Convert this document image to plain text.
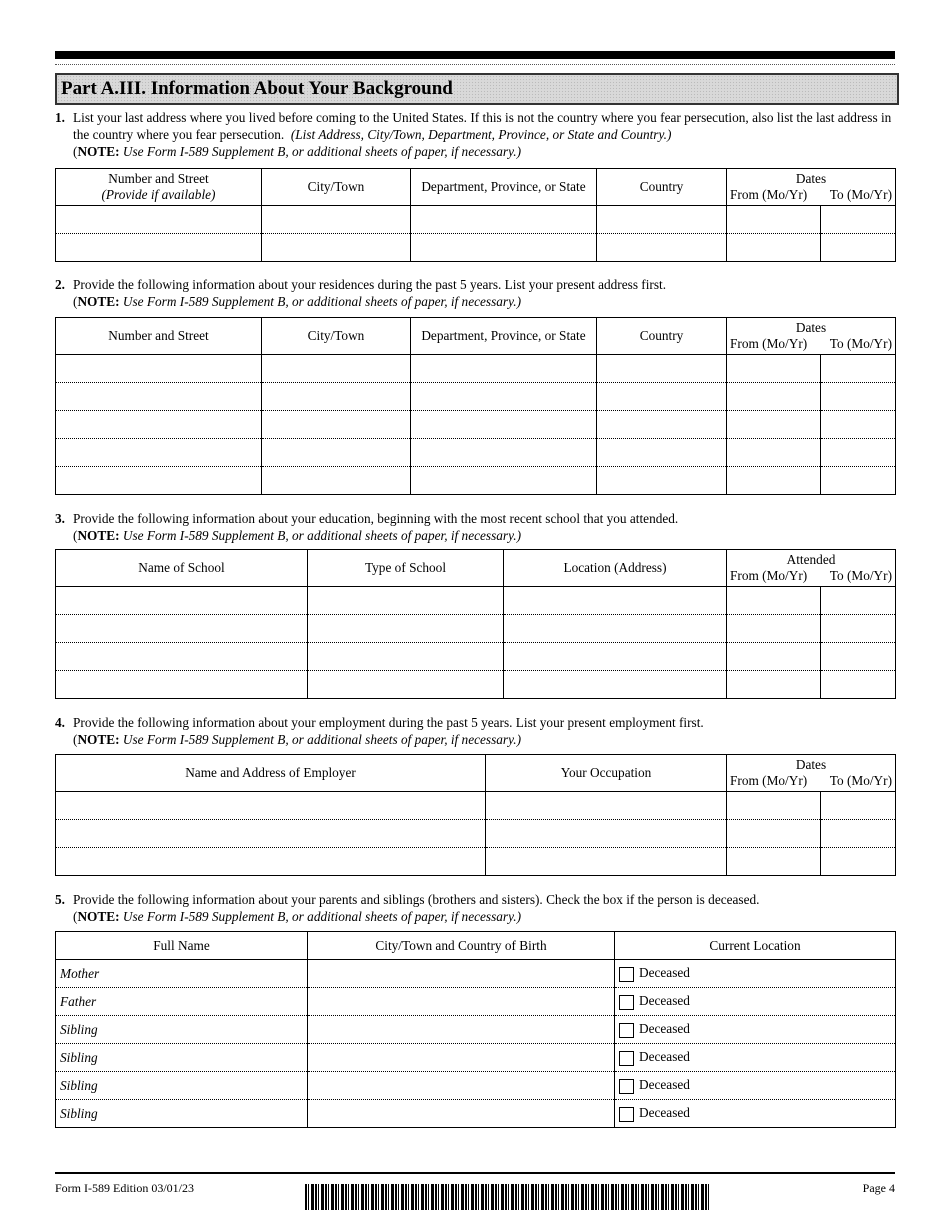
Part A.III. Information About Your Background
1. List your last address where you lived before coming to the United States. If this is not the country where you fear persecution, also list the last address in the country where you fear persecution. (List Address, City/Town, Department, Province, or State and Country.)
(NOTE: Use Form I-589 Supplement B, or additional sheets of paper, if necessary.)
Number and Street
(Provide if available)	City/Town	Department, Province, or State	Country	Dates
From (Mo/Yr) To (Mo/Yr)	

2. Provide the following information about your residences during the past 5 years. List your present address first.
(NOTE: Use Form I-589 Supplement B, or additional sheets of paper, if necessary.)
Number and Street	City/Town	Department, Province, or State	Country	Dates
From (Mo/Yr) To (Mo/Yr)	

3. Provide the following information about your education, beginning with the most recent school that you attended.
(NOTE: Use Form I-589 Supplement B, or additional sheets of paper, if necessary.)
Name of School	Type of School	Location (Address)	Attended
From (Mo/Yr) To (Mo/Yr)	

4. Provide the following information about your employment during the past 5 years. List your present employment first.
(NOTE: Use Form I-589 Supplement B, or additional sheets of paper, if necessary.)
Name and Address of Employer	Your Occupation	Dates
From (Mo/Yr) To (Mo/Yr)	

5. Provide the following information about your parents and siblings (brothers and sisters). Check the box if the person is deceased.
(NOTE: Use Form I-589 Supplement B, or additional sheets of paper, if necessary.)
Full Name	City/Town and Country of Birth	Current Location
Mother		Deceased
Father		Deceased
Sibling		Deceased
Sibling		Deceased
Sibling		Deceased
Sibling		Deceased
Form I-589 Edition 03/01/23	Page 4
